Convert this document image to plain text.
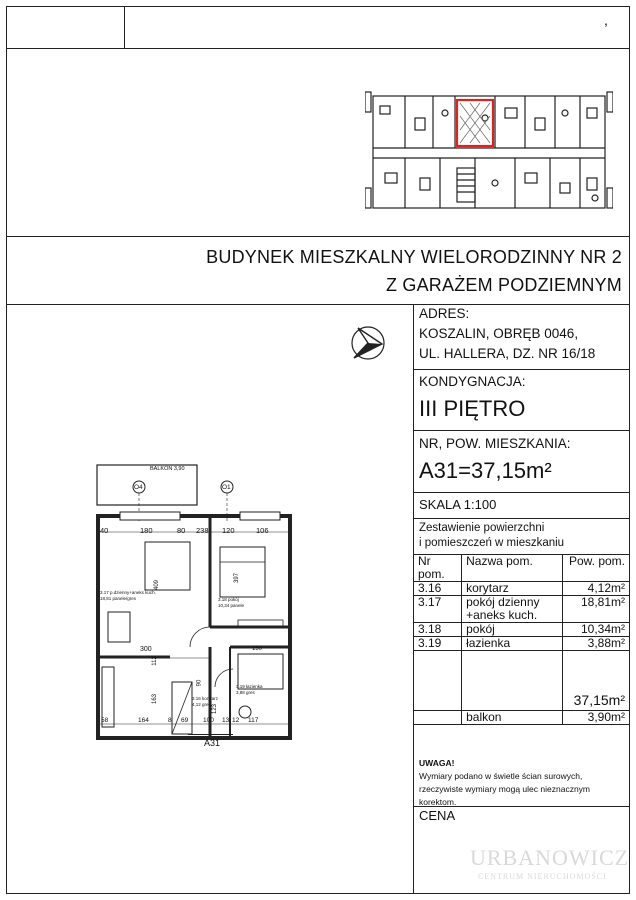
,
BUDYNEK MIESZKALNY WIELORODZINNY NR 2
Z GARAŻEM PODZIEMNYM
ADRES:
KOSZALIN, OBRĘB 0046,
UL. HALLERA, DZ. NR 16/18
KONDYGNACJA:
III PIĘTRO
NR, POW. MIESZKANIA:
A31=37,15m²
SKALA 1:100
Zestawienie powierzchni
i pomieszczeń w mieszkaniu
Nr pom.	Nazwa pom.	Pow. pom.
3.16	korytarz	4,12m²
3.17	pokój dzienny +aneks kuch.	18,81m²
3.18	pokój	10,34m²
3.19	łazienka	3,88m²
		37,15m²
	balkon	3,90m²
UWAGA!
Wymiary podano w świetle ścian surowych,
rzeczywiste wymiary mogą ulec nieznacznym
korektom.
CENA
URBANOWICZ
CENTRUM NIERUCHOMOŚCI
BALKON 3,90
O4	O1
40	180	80 238 120	106
3.17 p.dzienny+aneks kuch.
18,81 panele/gres	3.18 pokój
10,34 panele
3.19 łazienka
3,88 gres
3.16 korytarz
4,12 gres
300
409
397
150
112
163
90
123
58	164	8 69 100 13 12 117
A31
